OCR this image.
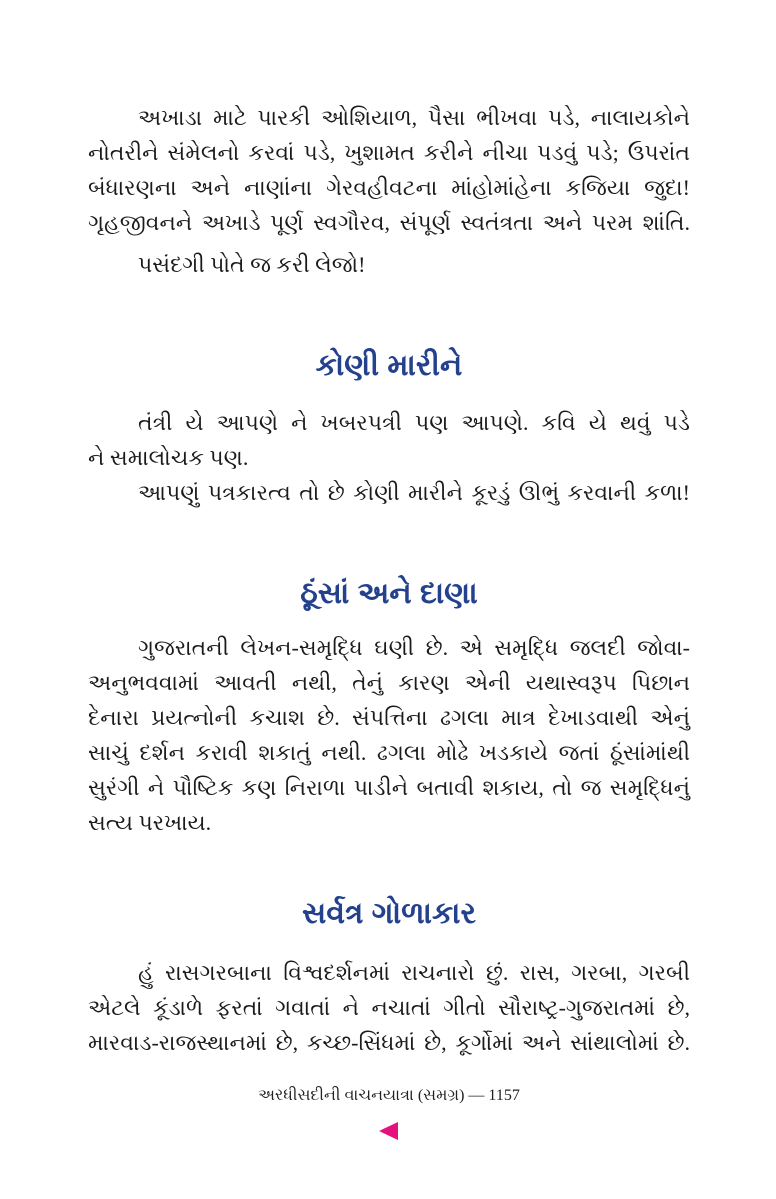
અખાડા માટે પારકી ઓશિયાળ, પૈસા ભીખવા પડે, નાલાયકોને
નોતરીને સંમેલનો કરવાં પડે, ખુશામત કરીને નીચા પડવું પડે; ઉપરાંત
બંધારણના અને નાણાંના ગેરવહીવટના માંહોમાંહેના કજિયા જુદા!
ગૃહજીવનને અખાડે પૂર્ણ સ્વગૌરવ, સંપૂર્ણ સ્વતંત્રતા અને પરમ શાંતિ.
પસંદગી પોતે જ કરી લેજો!
કોણી મારીને
તંત્રી યે આપણે ને ખબરપત્રી પણ આપણે. કવિ યે થવું પડે
ને સમાલોચક પણ.
આપણું પત્રકારત્વ તો છે કોણી મારીને કૂરડું ઊભું કરવાની કળા!
ઠૂંસાં અને દાણા
ગુજરાતની લેખન-સમૃદ્ધિ ઘણી છે. એ સમૃદ્ધિ જલદી જોવા-
અનુભવવામાં આવતી નથી, તેનું કારણ એની યથાસ્વરૂપ પિછાન
દેનારા પ્રયત્નોની કચાશ છે. સંપત્તિના ઢગલા માત્ર દેખાડવાથી એનું
સાચું દર્શન કરાવી શકાતું નથી. ઢગલા મોઢે ખડકાયે જતાં ઠૂંસાંમાંથી
સુરંગી ને પૌષ્ટિક કણ નિરાળા પાડીને બતાવી શકાય, તો જ સમૃદ્ધિનું
સત્ય પરખાય.
સર્વત્ર ગોળાકાર
હું રાસગરબાના વિશ્વદર્શનમાં રાચનારો છું. રાસ, ગરબા, ગરબી
એટલે કૂંડાળે ફરતાં ગવાતાં ને નચાતાં ગીતો સૌરાષ્ટ્ર-ગુજરાતમાં છે,
મારવાડ-રાજસ્થાનમાં છે, કચ્છ-સિંધમાં છે, કૂર્ગોમાં અને સાંથાલોમાં છે.
અરધીસદીની વાચનયાત્રા (સમગ્ર) — 1157
